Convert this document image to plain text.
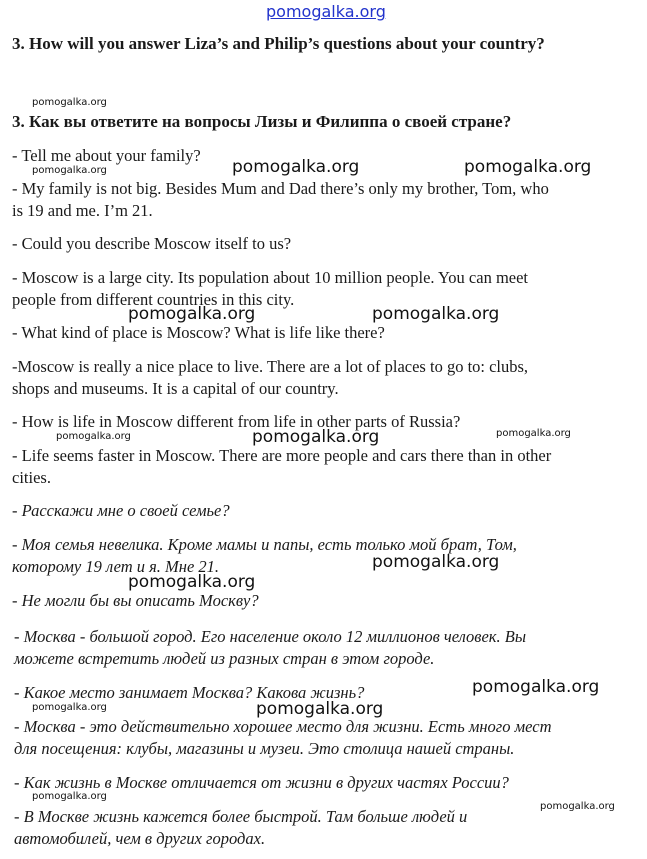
pomogalka.org
3. How will you answer Liza’s and Philip’s questions about your country?
pomogalka.org
3. Как вы ответите на вопросы Лизы и Филиппа о своей стране?
- Tell me about your family?
pomogalka.org	pomogalka.org	pomogalka.org
- My family is not big. Besides Mum and Dad there’s only my brother, Tom, who
is 19 and me. I’m 21.
- Could you describe Moscow itself to us?
- Moscow is a large city. Its population about 10 million people. You can meet
people from different countries in this city.
pomogalka.org	pomogalka.org
- What kind of place is Moscow? What is life like there?
-Moscow is really a nice place to live. There are a lot of places to go to: clubs,
shops and museums. It is a capital of our country.
- How is life in Moscow different from life in other parts of Russia?
pomogalka.org	pomogalka.org	pomogalka.org
- Life seems faster in Moscow. There are more people and cars there than in other
cities.
- Расскажи мне о своей семье?
- Моя семья невелика. Кроме мамы и папы, есть только мой брат, Том,
pomogalka.org
которому 19 лет и я. Мне 21.
pomogalka.org
- Не могли бы вы описать Москву?
- Москва - большой город. Его население около 12 миллионов человек. Вы
можете встретить людей из разных стран в этом городе.
- Какое место занимает Москва? Какова жизнь?	pomogalka.org
pomogalka.org	pomogalka.org
- Москва - это действительно хорошее место для жизни. Есть много мест
для посещения: клубы, магазины и музеи. Это столица нашей страны.
- Как жизнь в Москве отличается от жизни в других частях России?
pomogalka.org
pomogalka.org
- В Москве жизнь кажется более быстрой. Там больше людей и
автомобилей, чем в других городах.
